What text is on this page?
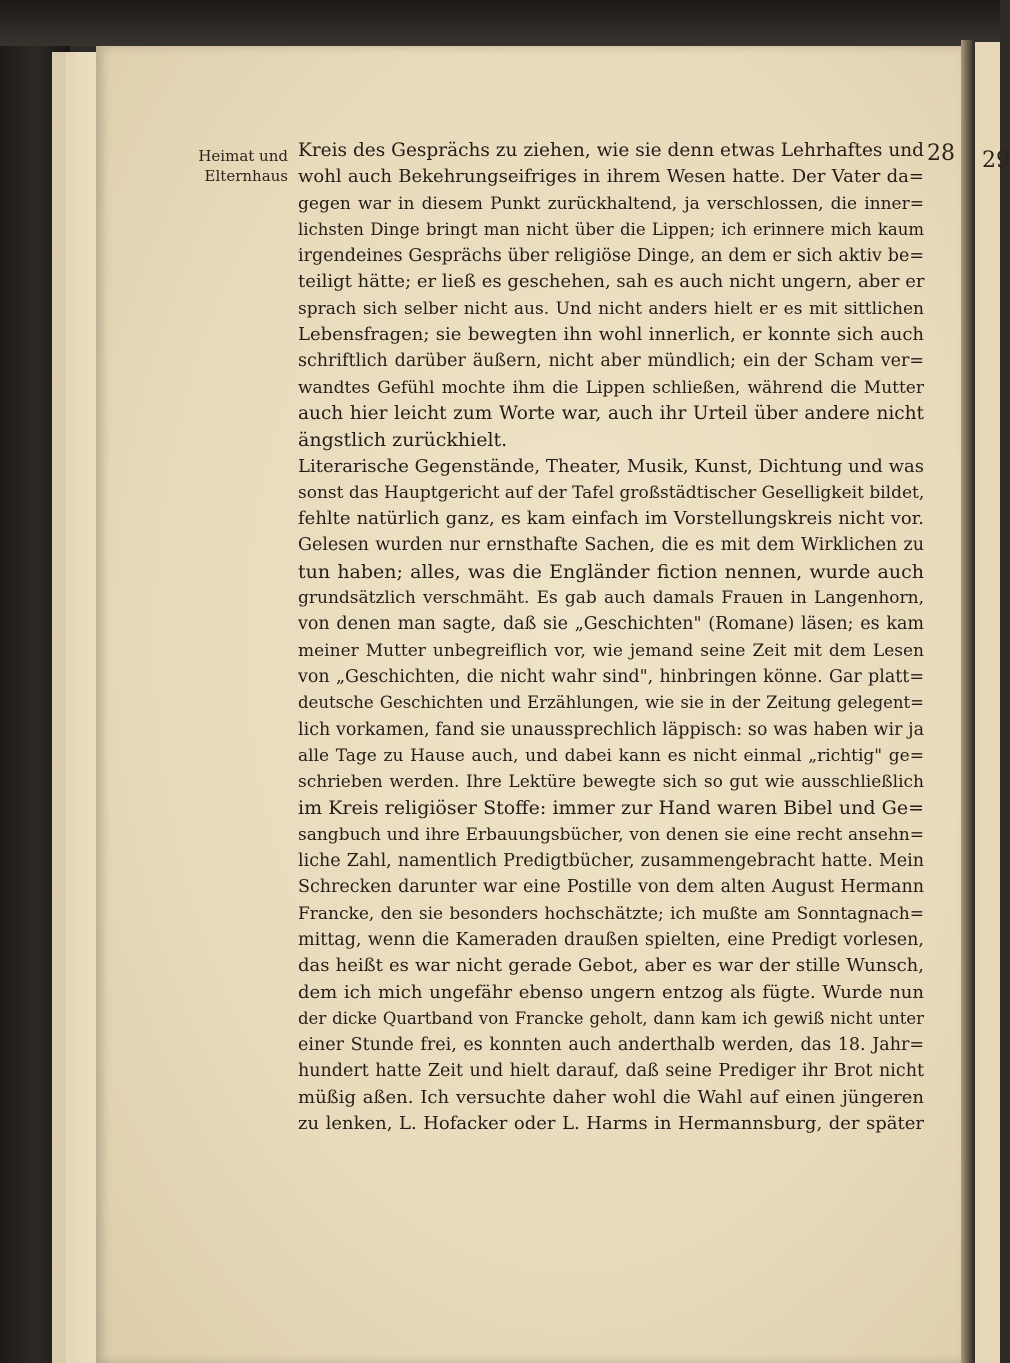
Heimat und
Elternhaus
28 29
Kreis des Gesprächs zu ziehen, wie sie denn etwas Lehrhaftes und
wohl auch Bekehrungseifriges in ihrem Wesen hatte. Der Vater da=
gegen war in diesem Punkt zurückhaltend, ja verschlossen, die inner=
lichsten Dinge bringt man nicht über die Lippen; ich erinnere mich kaum
irgendeines Gesprächs über religiöse Dinge, an dem er sich aktiv be=
teiligt hätte; er ließ es geschehen, sah es auch nicht ungern, aber er
sprach sich selber nicht aus. Und nicht anders hielt er es mit sittlichen
Lebensfragen; sie bewegten ihn wohl innerlich, er konnte sich auch
schriftlich darüber äußern, nicht aber mündlich; ein der Scham ver=
wandtes Gefühl mochte ihm die Lippen schließen, während die Mutter
auch hier leicht zum Worte war, auch ihr Urteil über andere nicht
ängstlich zurückhielt.
Literarische Gegenstände, Theater, Musik, Kunst, Dichtung und was
sonst das Hauptgericht auf der Tafel großstädtischer Geselligkeit bildet,
fehlte natürlich ganz, es kam einfach im Vorstellungskreis nicht vor.
Gelesen wurden nur ernsthafte Sachen, die es mit dem Wirklichen zu
tun haben; alles, was die Engländer fiction nennen, wurde auch
grundsätzlich verschmäht. Es gab auch damals Frauen in Langenhorn,
von denen man sagte, daß sie „Geschichten" (Romane) läsen; es kam
meiner Mutter unbegreiflich vor, wie jemand seine Zeit mit dem Lesen
von „Geschichten, die nicht wahr sind", hinbringen könne. Gar platt=
deutsche Geschichten und Erzählungen, wie sie in der Zeitung gelegent=
lich vorkamen, fand sie unaussprechlich läppisch: so was haben wir ja
alle Tage zu Hause auch, und dabei kann es nicht einmal „richtig" ge=
schrieben werden. Ihre Lektüre bewegte sich so gut wie ausschließlich
im Kreis religiöser Stoffe: immer zur Hand waren Bibel und Ge=
sangbuch und ihre Erbauungsbücher, von denen sie eine recht ansehn=
liche Zahl, namentlich Predigtbücher, zusammengebracht hatte. Mein
Schrecken darunter war eine Postille von dem alten August Hermann
Francke, den sie besonders hochschätzte; ich mußte am Sonntagnach=
mittag, wenn die Kameraden draußen spielten, eine Predigt vorlesen,
das heißt es war nicht gerade Gebot, aber es war der stille Wunsch,
dem ich mich ungefähr ebenso ungern entzog als fügte. Wurde nun
der dicke Quartband von Francke geholt, dann kam ich gewiß nicht unter
einer Stunde frei, es konnten auch anderthalb werden, das 18. Jahr=
hundert hatte Zeit und hielt darauf, daß seine Prediger ihr Brot nicht
müßig aßen. Ich versuchte daher wohl die Wahl auf einen jüngeren
zu lenken, L. Hofacker oder L. Harms in Hermannsburg, der später
